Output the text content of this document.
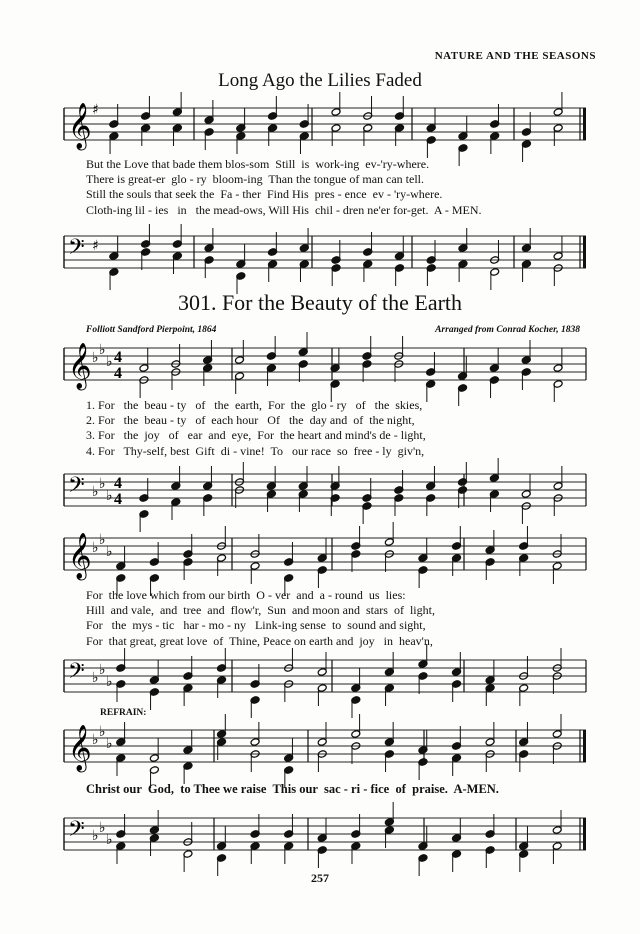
NATURE AND THE SEASONS
Long Ago the Lilies Faded
𝄞 ♯
But the Love that bade them blos-som  Still  is  work-ing  ev-'ry-where.
There is great-er  glo - ry  bloom-ing  Than the tongue of man can tell.
Still the souls that seek the  Fa - ther  Find His  pres - ence  ev - 'ry-where.
Cloth-ing lil - ies   in   the mead-ows, Will His  chil - dren ne'er for-get.  A - MEN.
𝄢 ♯
301. For the Beauty of the Earth
Folliott Sandford Pierpoint, 1864	Arranged from Conrad Kocher, 1838
𝄞 ♭ ♭
♭ 4
4
1. For   the  beau - ty   of   the  earth,  For  the  glo - ry   of   the  skies,
2. For   the  beau - ty   of  each hour   Of   the  day and  of  the night,
3. For   the  joy   of   ear  and  eye,  For  the heart and mind's de - light,
4. For   Thy-self, best  Gift  di - vine!  To   our race  so  free - ly  giv'n,
𝄢 ♭ ♭
♭
4
4
𝄞 ♭ ♭
♭
For  the love which from our birth  O - ver  and  a - round  us  lies:
Hill  and vale,  and  tree  and  flow'r,  Sun  and moon and  stars  of  light,
For   the  mys - tic   har - mo - ny   Link-ing sense  to  sound and sight,
For  that great, great love  of  Thine, Peace on earth and  joy   in  heav'n,
𝄢 ♭ ♭
♭
REFRAIN:
𝄞 ♭ ♭
♭
Christ our  God,  to Thee we raise  This our  sac - ri - fice  of  praise.  A-MEN.
𝄢 ♭ ♭
♭
257
